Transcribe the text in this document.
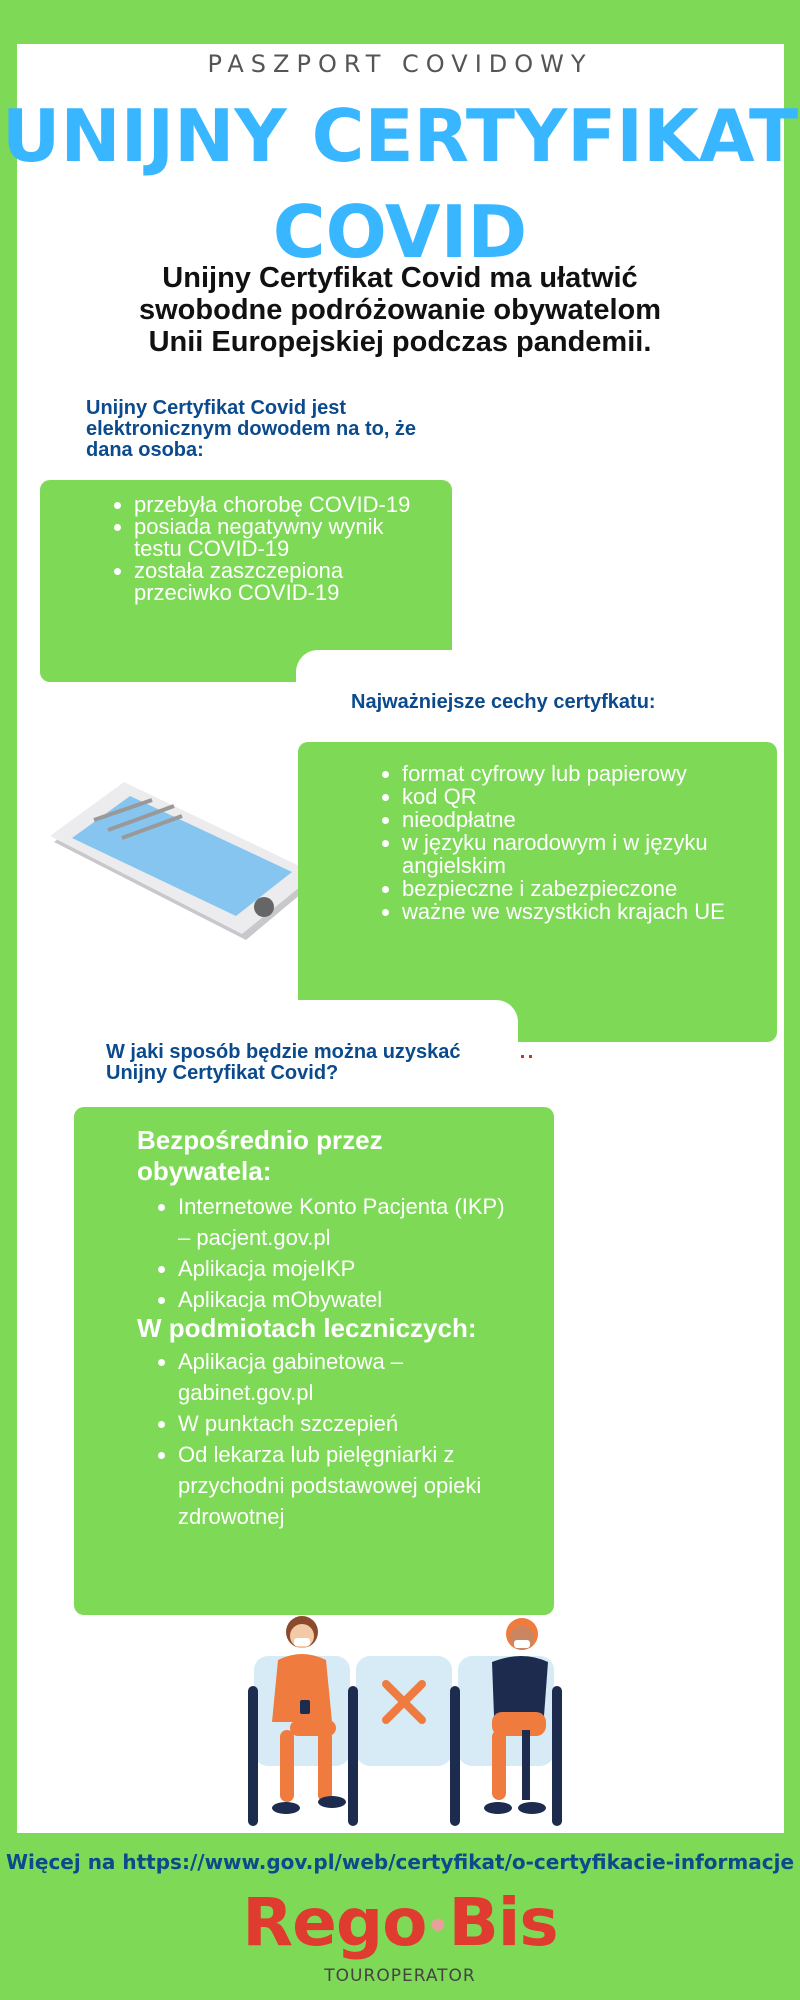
PASZPORT COVIDOWY
UNIJNY CERTYFIKAT
COVID
Unijny Certyfikat Covid ma ułatwić
swobodne podróżowanie obywatelom
Unii Europejskiej podczas pandemii.
Unijny Certyfikat Covid jest
elektronicznym dowodem na to, że
dana osoba:
• przebyła chorobę COVID-19
• posiada negatywny wynik testu COVID-19
• została zaszczepiona przeciwko COVID-19
Najważniejsze cechy certyfkatu:
• format cyfrowy lub papierowy
• kod QR
• nieodpłatne
• w języku narodowym i w języku angielskim
• bezpieczne i zabezpieczone
• ważne we wszystkich krajach UE
W jaki sposób będzie można uzyskać
Unijny Certyfikat Covid?
Bezpośrednio przez obywatela:
• Internetowe Konto Pacjenta (IKP) – pacjent.gov.pl
• Aplikacja mojeIKP
• Aplikacja mObywatel
W podmiotach leczniczych:
• Aplikacja gabinetowa – gabinet.gov.pl
• W punktach szczepień
• Od lekarza lub pielęgniarki z przychodni podstawowej opieki zdrowotnej
Więcej na https://www.gov.pl/web/certyfikat/o-certyfikacie-informacje
Rego•Bis
TOUROPERATOR
